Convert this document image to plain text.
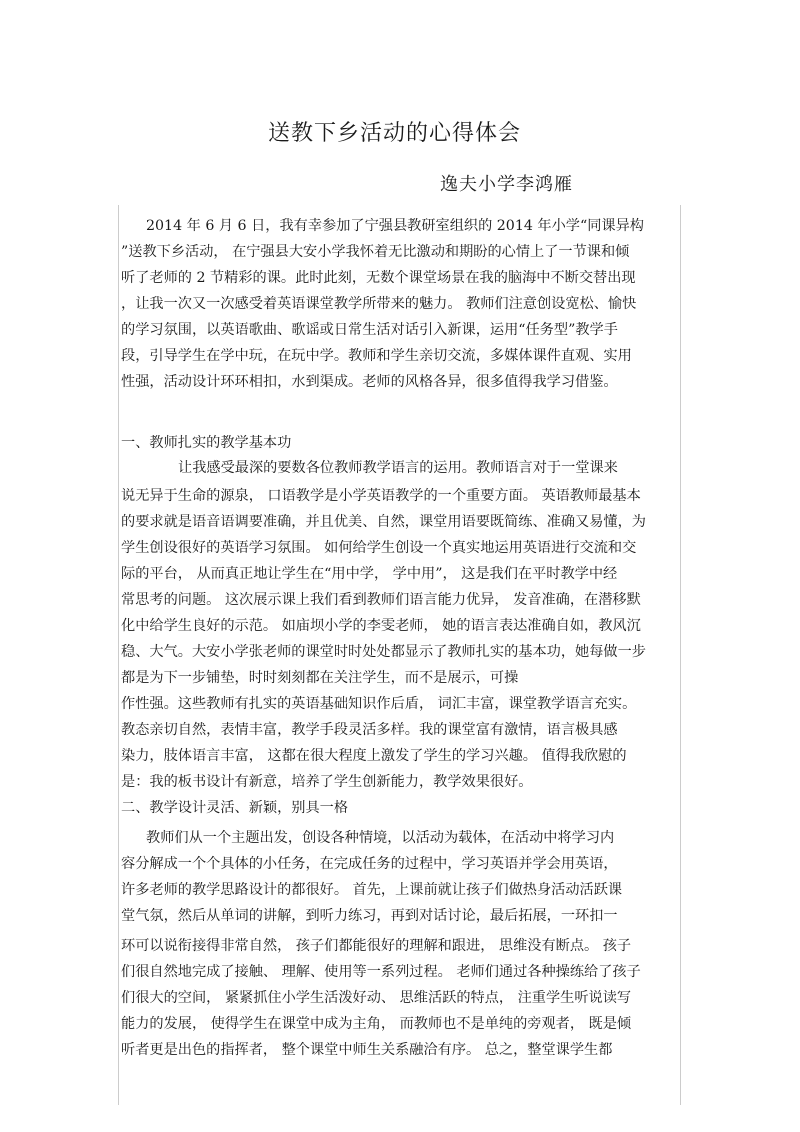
送教下乡活动的心得体会
逸夫小学李鸿雁
2014 年 6 月 6 日，我有幸参加了宁强县教研室组织的 2014 年小学“同课异构
”送教下乡活动， 在宁强县大安小学我怀着无比激动和期盼的心情上了一节课和倾
听了老师的 2 节精彩的课。此时此刻，无数个课堂场景在我的脑海中不断交替出现
，让我一次又一次感受着英语课堂教学所带来的魅力。 教师们注意创设宽松、愉快
的学习氛围，以英语歌曲、歌谣或日常生活对话引入新课，运用“任务型”教学手
段，引导学生在学中玩，在玩中学。教师和学生亲切交流，多媒体课件直观、实用
性强，活动设计环环相扣，水到渠成。老师的风格各异，很多值得我学习借鉴。
一、教师扎实的教学基本功
让我感受最深的要数各位教师教学语言的运用。教师语言对于一堂课来
说无异于生命的源泉， 口语教学是小学英语教学的一个重要方面。 英语教师最基本
的要求就是语音语调要准确，并且优美、自然，课堂用语要既简练、准确又易懂，为
学生创设很好的英语学习氛围。 如何给学生创设一个真实地运用英语进行交流和交
际的平台， 从而真正地让学生在“用中学， 学中用”， 这是我们在平时教学中经
常思考的问题。 这次展示课上我们看到教师们语言能力优异， 发音准确，在潜移默
化中给学生良好的示范。 如庙坝小学的李雯老师， 她的语言表达准确自如，教风沉
稳、大气。大安小学张老师的课堂时时处处都显示了教师扎实的基本功，她每做一步
都是为下一步铺垫，时时刻刻都在关注学生，而不是展示，可操
作性强。这些教师有扎实的英语基础知识作后盾， 词汇丰富，课堂教学语言充实。
教态亲切自然，表情丰富，教学手段灵活多样。我的课堂富有激情，语言极具感
染力，肢体语言丰富， 这都在很大程度上激发了学生的学习兴趣。 值得我欣慰的
是：我的板书设计有新意，培养了学生创新能力，教学效果很好。
二、教学设计灵活、新颖，别具一格
教师们从一个主题出发，创设各种情境，以活动为载体，在活动中将学习内
容分解成一个个具体的小任务，在完成任务的过程中，学习英语并学会用英语，
许多老师的教学思路设计的都很好。 首先，上课前就让孩子们做热身活动活跃课
堂气氛，然后从单词的讲解，到听力练习，再到对话讨论，最后拓展，一环扣一
环可以说衔接得非常自然， 孩子们都能很好的理解和跟进， 思维没有断点。 孩子
们很自然地完成了接触、 理解、使用等一系列过程。 老师们通过各种操练给了孩子
们很大的空间， 紧紧抓住小学生活泼好动、 思维活跃的特点， 注重学生听说读写
能力的发展， 使得学生在课堂中成为主角， 而教师也不是单纯的旁观者， 既是倾
听者更是出色的指挥者， 整个课堂中师生关系融洽有序。 总之，整堂课学生都
